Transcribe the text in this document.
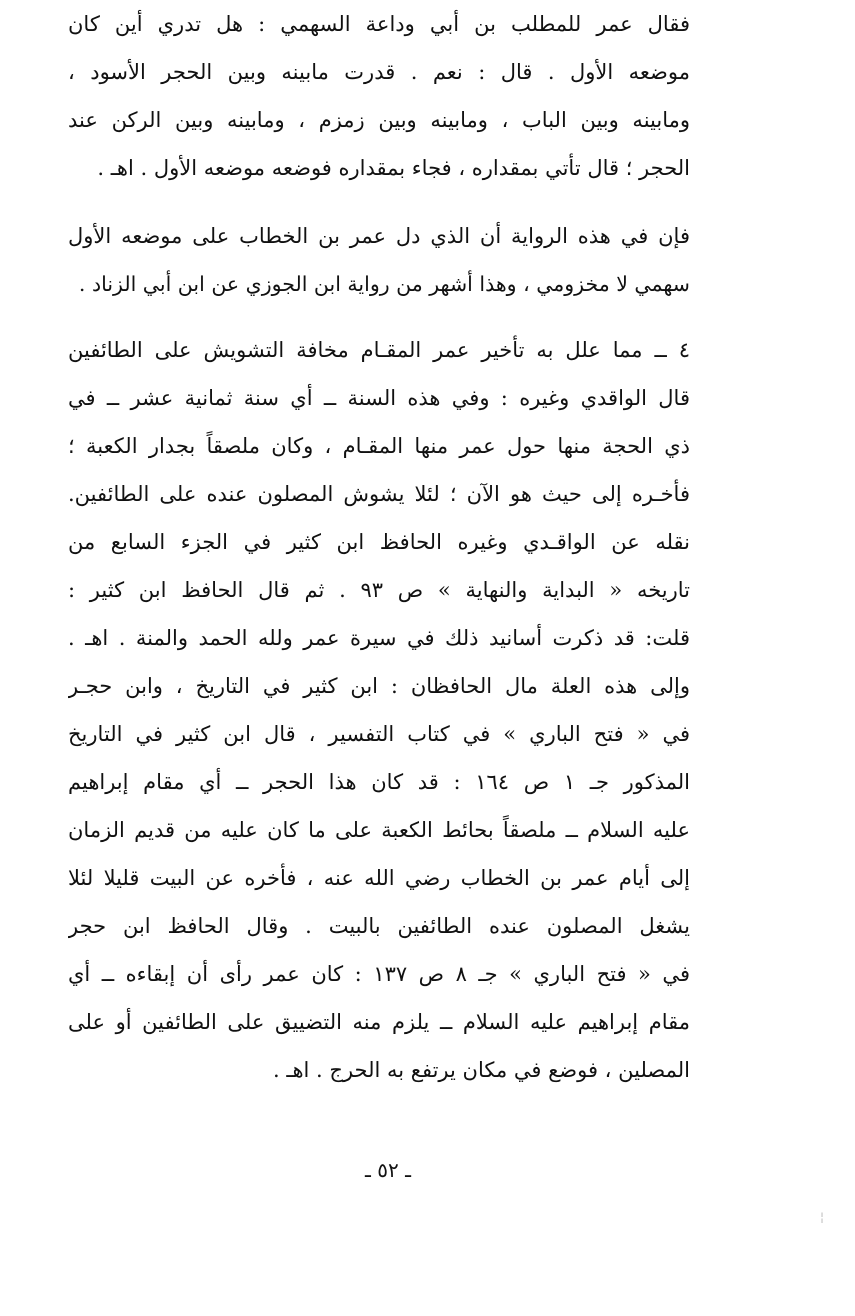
فقال عمر للمطلب بن أبي وداعة السهمي : هل تدري أين كان
موضعه الأول . قال : نعم . قدرت مابينه وبين الحجر الأسود ،
ومابينه وبين الباب ، ومابينه وبين زمزم ، ومابينه وبين الركن عند
الحجر ؛ قال تأتي بمقداره ، فجاء بمقداره فوضعه موضعه الأول . اهـ .
فإن في هذه الرواية أن الذي دل عمر بن الخطاب على موضعه الأول
سهمي لا مخزومي ، وهذا أشهر من رواية ابن الجوزي عن ابن أبي الزناد .
٤ ــ مما علل به تأخير عمر المقـام مخافة التشويش على الطائفين
قال الواقدي وغيره : وفي هذه السنة ــ أي سنة ثمانية عشر ــ في
ذي الحجة منها حول عمر منها المقـام ، وكان ملصقاً بجدار الكعبة ؛
فأخـره إلى حيث هو الآن ؛ لئلا يشوش المصلون عنده على الطائفين.
نقله عن الواقـدي وغيره الحافظ ابن كثير في الجزء السابع من
تاريخه « البداية والنهاية » ص ٩٣ . ثم قال الحافظ ابن كثير :
قلت: قد ذكرت أسانيد ذلك في سيرة عمر ولله الحمد والمنة . اهـ .
وإلى هذه العلة مال الحافظان : ابن كثير في التاريخ ، وابن حجـر
في « فتح الباري » في كتاب التفسير ، قال ابن كثير في التاريخ
المذكور جـ ١ ص ١٦٤ : قد كان هذا الحجر ــ أي مقام إبراهيم
عليه السلام ــ ملصقاً بحائط الكعبة على ما كان عليه من قديم الزمان
إلى أيام عمر بن الخطاب رضي الله عنه ، فأخره عن البيت قليلا لئلا
يشغل المصلون عنده الطائفين بالبيت . وقال الحافظ ابن حجر
في « فتح الباري » جـ ٨ ص ١٣٧ : كان عمر رأى أن إبقاءه ــ أي
مقام إبراهيم عليه السلام ــ يلزم منه التضييق على الطائفين أو على
المصلين ، فوضع في مكان يرتفع به الحرج . اهـ .
ـ ٥٢ ـ
¦
